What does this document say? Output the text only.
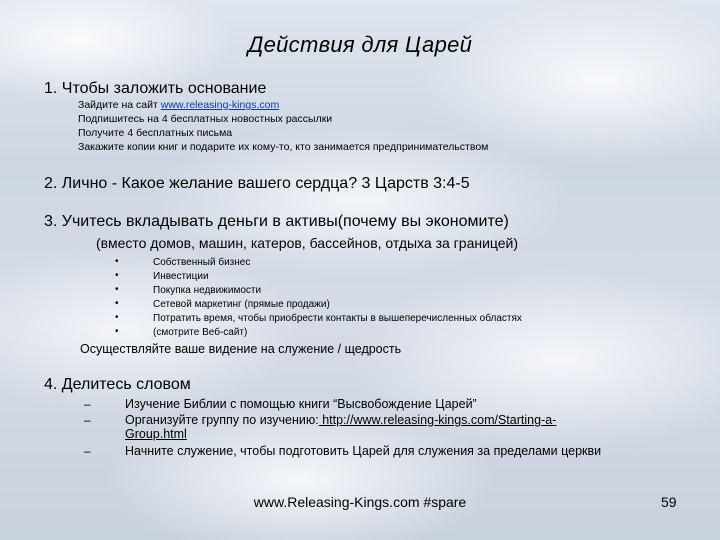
Действия для Царей
1. Чтобы заложить основание
Зайдите на сайт www.releasing-kings.com
Подпишитесь на 4 бесплатных новостных рассылки
Получите 4 бесплатных письма
Закажите копии книг и подарите их кому-то, кто занимается предпринимательством
2. Лично - Какое желание вашего сердца? 3 Царств 3:4-5
3. Учитесь вкладывать деньги в активы(почему вы экономите)
(вместо домов, машин, катеров, бассейнов, отдыха за границей)
•	Собственный бизнес
•	Инвестиции
•	Покупка недвижимости
•	Сетевой маркетинг (прямые продажи)
•	Потратить время, чтобы приобрести контакты в вышеперечисленных областях
•	(смотрите Веб-сайт)
Осуществляйте ваше видение на служение / щедрость
4. Делитесь словом
–	Изучение Библии с помощью книги “Высвобождение Царей”
–	Организуйте группу по изучению: http://www.releasing-kings.com/Starting-a-
Group.html
–	Начните служение, чтобы подготовить Царей для служения за пределами церкви
www.Releasing-Kings.com #spare	59
